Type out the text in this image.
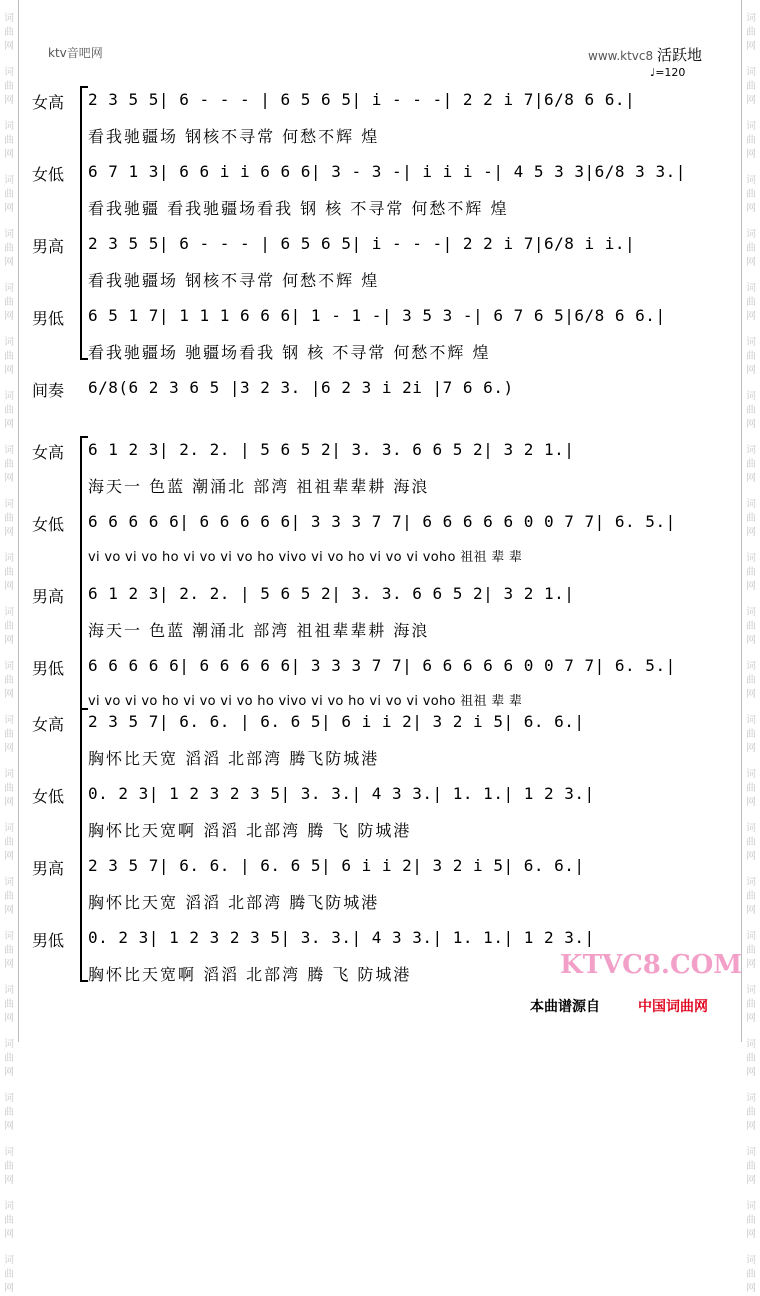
词曲网
词曲网
词曲网
词曲网
词曲网
词曲网
词曲网
词曲网
词曲网
词曲网
词曲网
词曲网
词曲网
词曲网
词曲网
词曲网
词曲网
词曲网
词曲网
词曲网
词曲网
词曲网
词曲网
词曲网
词曲网
词曲网
词曲网
词曲网
词曲网
词曲网
词曲网
词曲网
词曲网
词曲网
词曲网
词曲网
词曲网
词曲网
词曲网
词曲网
词曲网
词曲网
词曲网
词曲网
词曲网
词曲网
词曲网
词曲网
ktv音吧网	www.ktvc8 活跃地
♩=120
女高	2 3 5 5| 6 - - - | 6 5 6 5| i - - -| 2 2 i 7|6/8 6 6.|
看我驰疆场 钢核不寻常 何愁不辉 煌
女低	6 7 1 3| 6 6 i i 6 6 6| 3 - 3 -| i i i -| 4 5 3 3|6/8 3 3.|
看我驰疆 看我驰疆场看我 钢 核 不寻常 何愁不辉 煌
男高	2 3 5 5| 6 - - - | 6 5 6 5| i - - -| 2 2 i 7|6/8 i i.|
看我驰疆场 钢核不寻常 何愁不辉 煌
男低	6 5 1 7| 1 1 1 6 6 6| 1 - 1 -| 3 5 3 -| 6 7 6 5|6/8 6 6.|
看我驰疆场 驰疆场看我 钢 核 不寻常 何愁不辉 煌
间奏	6/8(6 2 3 6 5 |3 2 3. |6 2 3 i 2i |7 6 6.)
女高	6 1 2 3| 2. 2. | 5 6 5 2| 3. 3. 6 6 5 2| 3 2 1.|
海天一 色蓝 潮涌北 部湾 祖祖辈辈耕 海浪
女低	6 6 6 6 6| 6 6 6 6 6| 3 3 3 7 7| 6 6 6 6 6 0 0 7 7| 6. 5.|
vi vo vi vo ho vi vo vi vo ho vivo vi vo ho vi vo vi voho 祖祖 辈 辈
男高	6 1 2 3| 2. 2. | 5 6 5 2| 3. 3. 6 6 5 2| 3 2 1.|
海天一 色蓝 潮涌北 部湾 祖祖辈辈耕 海浪
男低	6 6 6 6 6| 6 6 6 6 6| 3 3 3 7 7| 6 6 6 6 6 0 0 7 7| 6. 5.|
vi vo vi vo ho vi vo vi vo ho vivo vi vo ho vi vo vi voho 祖祖 辈 辈
女高	2 3 5 7| 6. 6. | 6. 6 5| 6 i i 2| 3 2 i 5| 6. 6.|
胸怀比天宽 滔滔 北部湾 腾飞防城港
女低	0. 2 3| 1 2 3 2 3 5| 3. 3.| 4 3 3.| 1. 1.| 1 2 3.|
胸怀比天宽啊 滔滔 北部湾 腾 飞 防城港
男高	2 3 5 7| 6. 6. | 6. 6 5| 6 i i 2| 3 2 i 5| 6. 6.|
胸怀比天宽 滔滔 北部湾 腾飞防城港
男低	0. 2 3| 1 2 3 2 3 5| 3. 3.| 4 3 3.| 1. 1.| 1 2 3.|
胸怀比天宽啊 滔滔 北部湾 腾 飞 防城港	KTVC8.COM
本曲谱源自	中国词曲网
